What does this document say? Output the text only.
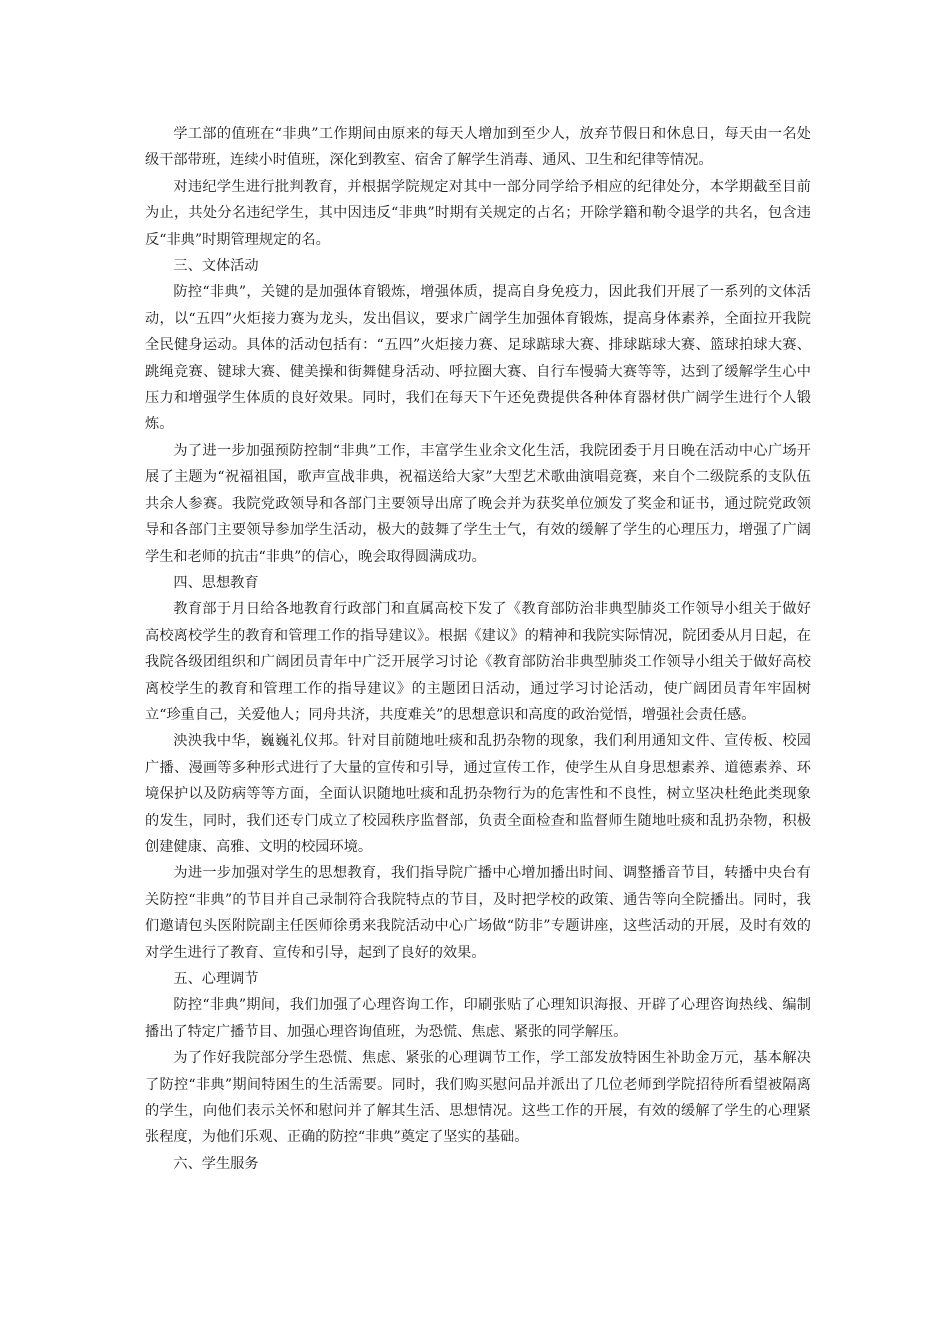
学工部的值班在“非典”工作期间由原来的每天人增加到至少人，放弃节假日和休息日，每天由一名处级干部带班，连续小时值班，深化到教室、宿舍了解学生消毒、通风、卫生和纪律等情况。

对违纪学生进行批判教育，并根据学院规定对其中一部分同学给予相应的纪律处分，本学期截至目前为止，共处分名违纪学生，其中因违反“非典”时期有关规定的占名；开除学籍和勒令退学的共名，包含违反“非典”时期管理规定的名。

三、文体活动

防控“非典”，关键的是加强体育锻炼，增强体质，提高自身免疫力，因此我们开展了一系列的文体活动，以“五四”火炬接力赛为龙头，发出倡议，要求广阔学生加强体育锻炼，提高身体素养，全面拉开我院全民健身运动。具体的活动包括有：“五四”火炬接力赛、足球踮球大赛、排球踮球大赛、篮球拍球大赛、跳绳竞赛、键球大赛、健美操和街舞健身活动、呼拉圈大赛、自行车慢骑大赛等等，达到了缓解学生心中压力和增强学生体质的良好效果。同时，我们在每天下午还免费提供各种体育器材供广阔学生进行个人锻炼。

为了进一步加强预防控制“非典”工作，丰富学生业余文化生活，我院团委于月日晚在活动中心广场开展了主题为“祝福祖国，歌声宣战非典，祝福送给大家”大型艺术歌曲演唱竞赛，来自个二级院系的支队伍共余人参赛。我院党政领导和各部门主要领导出席了晚会并为获奖单位颁发了奖金和证书，通过院党政领导和各部门主要领导参加学生活动，极大的鼓舞了学生士气，有效的缓解了学生的心理压力，增强了广阔学生和老师的抗击“非典”的信心，晚会取得圆满成功。

四、思想教育

教育部于月日给各地教育行政部门和直属高校下发了《教育部防治非典型肺炎工作领导小组关于做好高校离校学生的教育和管理工作的指导建议》。根据《建议》的精神和我院实际情况，院团委从月日起，在我院各级团组织和广阔团员青年中广泛开展学习讨论《教育部防治非典型肺炎工作领导小组关于做好高校离校学生的教育和管理工作的指导建议》的主题团日活动，通过学习讨论活动，使广阔团员青年牢固树立“珍重自己，关爱他人；同舟共济，共度难关”的思想意识和高度的政治觉悟，增强社会责任感。

泱泱我中华，巍巍礼仪邦。针对目前随地吐痰和乱扔杂物的现象，我们利用通知文件、宣传板、校园广播、漫画等多种形式进行了大量的宣传和引导，通过宣传工作，使学生从自身思想素养、道德素养、环境保护以及防病等等方面，全面认识随地吐痰和乱扔杂物行为的危害性和不良性，树立坚决杜绝此类现象的发生，同时，我们还专门成立了校园秩序监督部，负责全面检查和监督师生随地吐痰和乱扔杂物，积极创建健康、高雅、文明的校园环境。

为进一步加强对学生的思想教育，我们指导院广播中心增加播出时间、调整播音节目，转播中央台有关防控“非典”的节目并自己录制符合我院特点的节目，及时把学校的政策、通告等向全院播出。同时，我们邀请包头医附院副主任医师徐勇来我院活动中心广场做“防非”专题讲座，这些活动的开展，及时有效的对学生进行了教育、宣传和引导，起到了良好的效果。

五、心理调节

防控“非典”期间，我们加强了心理咨询工作，印刷张贴了心理知识海报、开辟了心理咨询热线、编制播出了特定广播节目、加强心理咨询值班，为恐慌、焦虑、紧张的同学解压。

为了作好我院部分学生恐慌、焦虑、紧张的心理调节工作，学工部发放特困生补助金万元，基本解决了防控“非典”期间特困生的生活需要。同时，我们购买慰问品并派出了几位老师到学院招待所看望被隔离的学生，向他们表示关怀和慰问并了解其生活、思想情况。这些工作的开展，有效的缓解了学生的心理紧张程度，为他们乐观、正确的防控“非典”奠定了坚实的基础。

六、学生服务
